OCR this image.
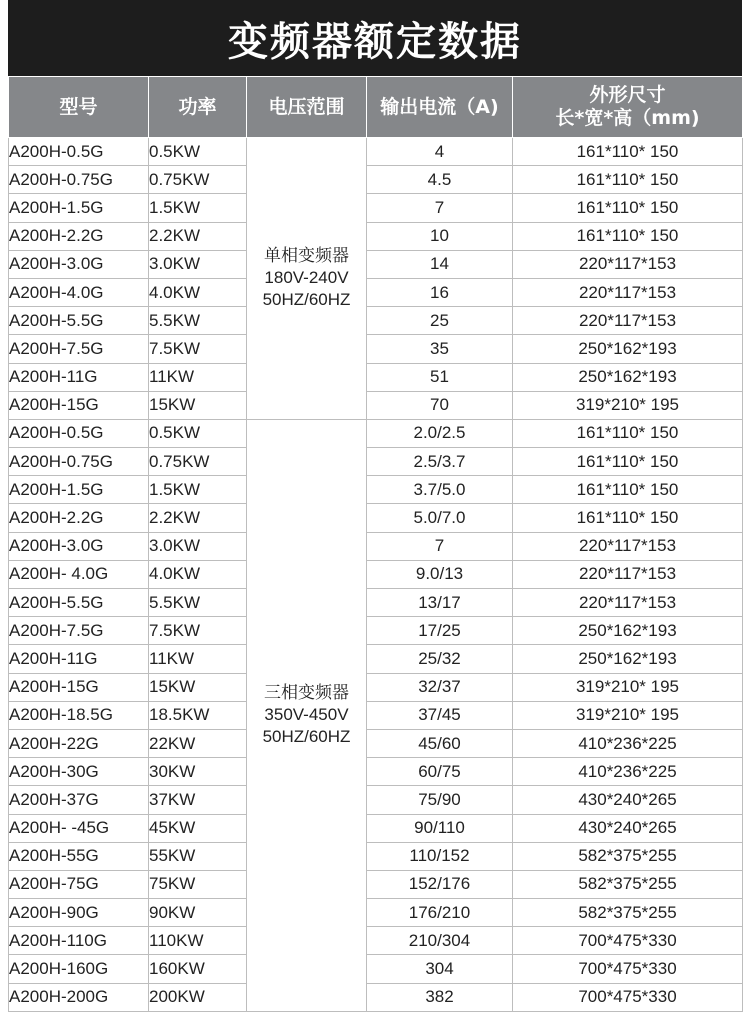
变频器额定数据
型号	功率	电压范围	输出电流（A)	外形尺寸
长*宽*高（mm)

A200H-0.5G	0.5KW	单相变频器
180V-240V
50HZ/60HZ	4	161*110* 150
A200H-0.75G	0.75KW		4.5	161*110* 150
A200H-1.5G	1.5KW		7	161*110* 150
A200H-2.2G	2.2KW		10	161*110* 150
A200H-3.0G	3.0KW		14	220*117*153
A200H-4.0G	4.0KW		16	220*117*153
A200H-5.5G	5.5KW		25	220*117*153
A200H-7.5G	7.5KW		35	250*162*193
A200H-11G	11KW		51	250*162*193
A200H-15G	15KW		70	319*210* 195
A200H-0.5G	0.5KW	三相变频器
350V-450V
50HZ/60HZ	2.0/2.5	161*110* 150
A200H-0.75G	0.75KW		2.5/3.7	161*110* 150
A200H-1.5G	1.5KW		3.7/5.0	161*110* 150
A200H-2.2G	2.2KW		5.0/7.0	161*110* 150
A200H-3.0G	3.0KW		7	220*117*153
A200H- 4.0G	4.0KW		9.0/13	220*117*153
A200H-5.5G	5.5KW		13/17	220*117*153
A200H-7.5G	7.5KW		17/25	250*162*193
A200H-11G	11KW		25/32	250*162*193
A200H-15G	15KW		32/37	319*210* 195
A200H-18.5G	18.5KW		37/45	319*210* 195
A200H-22G	22KW		45/60	410*236*225
A200H-30G	30KW		60/75	410*236*225
A200H-37G	37KW		75/90	430*240*265
A200H- -45G	45KW		90/110	430*240*265
A200H-55G	55KW		110/152	582*375*255
A200H-75G	75KW		152/176	582*375*255
A200H-90G	90KW		176/210	582*375*255
A200H-110G	110KW		210/304	700*475*330
A200H-160G	160KW		304	700*475*330
A200H-200G	200KW		382	700*475*330
